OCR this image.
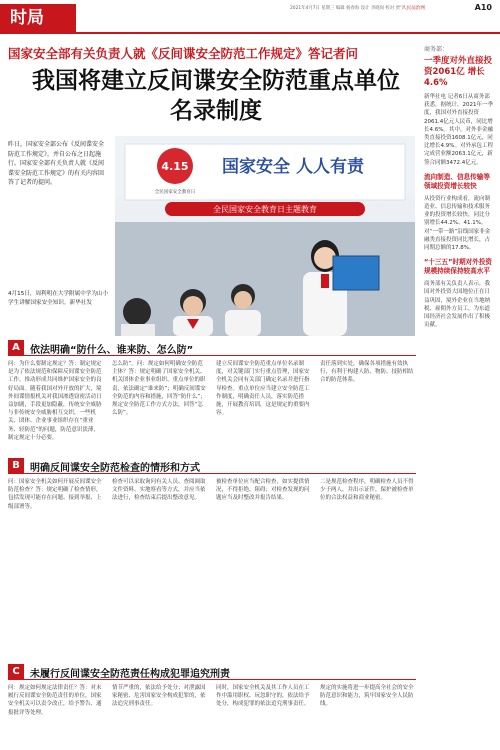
时局	2021年4月7日 星期三 编辑 杨春海 设计 李晓岗 校对 贾宁
人民法治网	A10
国家安全部有关负责人就《反间谍安全防范工作规定》答记者问
我国将建立反间谍安全防范重点单位名录制度
昨日，国家安全部公布《反间谍安全防范工作规定》，并自公布之日起施行。国家安全部有关负责人就《反间谍安全防范工作规定》的有关内容回答了记者的提问。
4.15
全民国家安全教育日
国家安全 人人有责
全民国家安全教育日主题教育
4月15日，周利明在大学附属中学为山小学生讲解国家安全知识。新华社发
A	依法明确“防什么、谁来防、怎么防”
问：为什么要制定规定？答：制定规定是为了依法规范和保障反间谍安全防范工作，推动形成共同维护国家安全的良好局面。随着我国对外开放的扩大，境外间谍情报机关对我国渗透窃密活动日益加剧，手段更加隐蔽，传统安全威胁与非传统安全威胁相互交织，一些机关、团体、企业事业组织存在“重业务、轻防范”的问题，防范意识淡薄，制定规定十分必要。
怎么防”。问：规定如何明确安全防范主体？答：规定明确了国家安全机关、机关团体企业事业组织、重点单位的职责，依法确定“谁来防”；明确反间谍安全防范的内容和措施，回答“防什么”；规定安全防范工作方式方法，回答“怎么防”。
建立反间谍安全防范重点单位名录制度，对关键部门实行重点管理，国家安全机关会同有关部门确定名录并进行指导检查。重点单位应当建立安全防范工作制度，明确责任人员，落实防范措施，开展教育培训，这是规定的重要内容。
责任落到实处，确保各项措施有效执行，有利于构建人防、物防、技防相结合的防范体系。
B	明确反间谍安全防范检查的情形和方式
问：国家安全机关如何开展反间谍安全防范检查？答：规定明确了检查情形，包括发现可能存在问题、接到举报、上级部署等。
检查可以采取询问有关人员、查阅调取文件资料、实地察看等方式，并应当依法进行，检查结束后提出整改意见。
被检查单位应当配合检查，如实提供情况，不得拒绝、阻碍；对检查发现的问题应当及时整改并报告结果。
二是规范检查程序，明确检查人员不得少于两人，并出示证件，保护被检查单位的合法权益和商业秘密。
C	未履行反间谍安全防范责任构成犯罪追究刑责
问：规定如何规定法律责任？答：对未履行反间谍安全防范责任的单位，国家安全机关可以责令改正，给予警告、通报批评等处理。
情节严重的，依法给予处分；对泄露国家秘密、危害国家安全构成犯罪的，依法追究刑事责任。
同时，国家安全机关及其工作人员在工作中滥用职权、玩忽职守的，依法给予处分，构成犯罪的依法追究刑事责任。
规定的实施将进一步提高全社会的安全防范意识和能力，筑牢国家安全人民防线。
商务部：
一季度对外直接投资2061亿 增长4.6%
新华社电 记者6日从商务部获悉，据统计，2021年一季度，我国对外直接投资2061.4亿元人民币，同比增长4.6%。其中，对外非金融类直接投资1608.1亿元，同比增长4.9%。对外承包工程完成营业额2063.1亿元，新签合同额3472.4亿元。
流向制造、信息传输等领域投资增长较快
从投资行业构成看，流向制造业、信息传输和技术服务业的投资增长较快，同比分别增长44.2%、41.1%。对“一带一路”沿线国家非金融类直接投资同比增长，占同期总额的17.8%。
“十三五”时期对外投资规模持续保持较高水平
商务部有关负责人表示，我国对外投资大国地位正在日益巩固，境外企业在当地纳税、雇佣外方员工，为东道国经济社会发展作出了积极贡献。
